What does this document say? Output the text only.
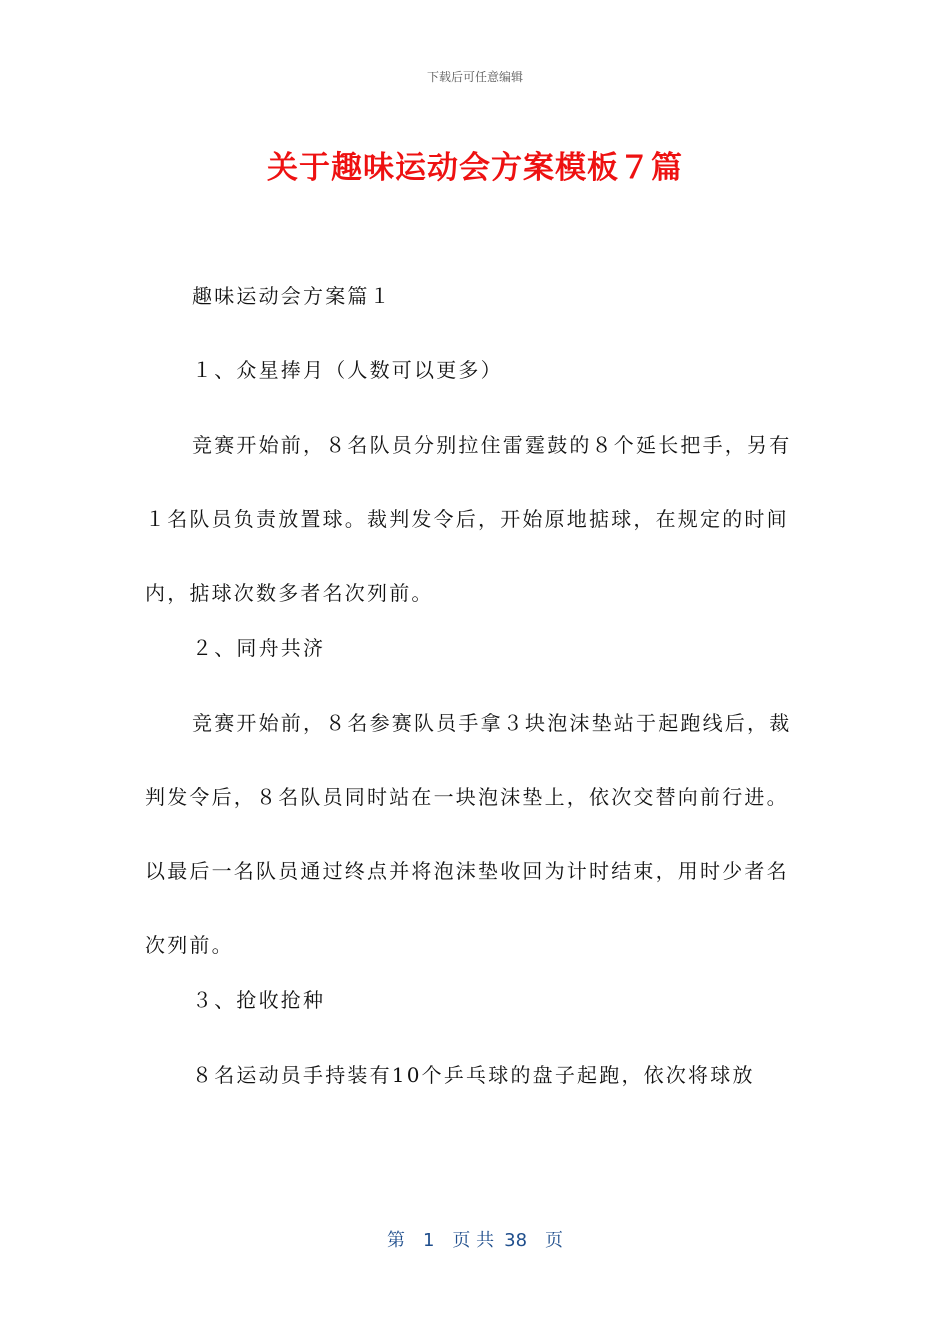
下载后可任意编辑
关于趣味运动会方案模板７篇

趣味运动会方案篇１

１、众星捧月（人数可以更多）

竞赛开始前，８名队员分别拉住雷霆鼓的８个延长把手，另有１名队员负责放置球。裁判发令后，开始原地掂球，在规定的时间内，掂球次数多者名次列前。

２、同舟共济

竞赛开始前，８名参赛队员手拿３块泡沫垫站于起跑线后，裁判发令后，８名队员同时站在一块泡沫垫上，依次交替向前行进。以最后一名队员通过终点并将泡沫垫收回为计时结束，用时少者名次列前。

３、抢收抢种

８名运动员手持装有10个乒乓球的盘子起跑，依次将球放

第 1 页 共 38 页
